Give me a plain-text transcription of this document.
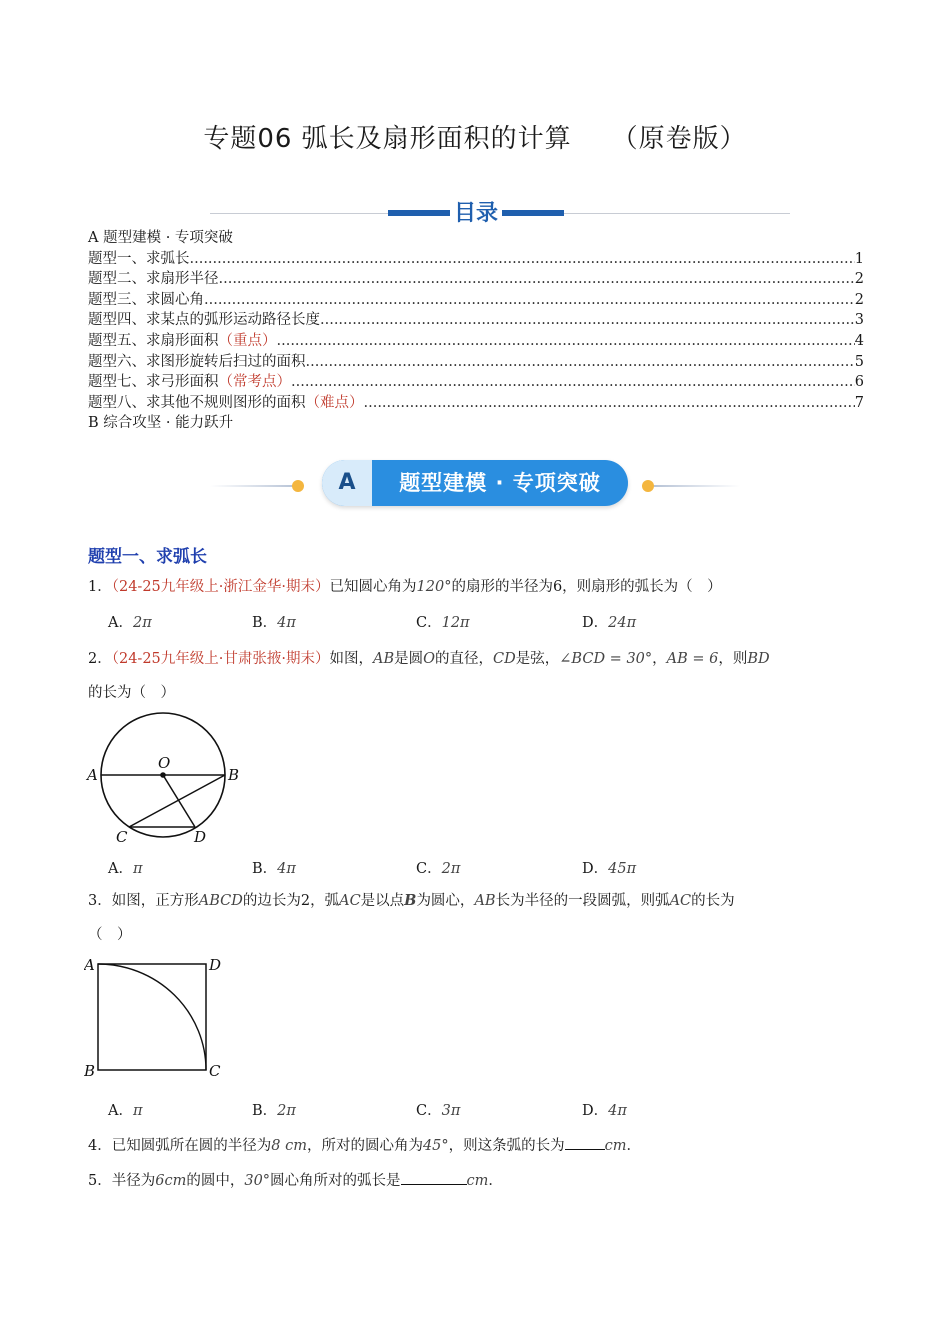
专题06 弧长及扇形面积的计算 （原卷版）
目录
A 题型建模 · 专项突破
题型一、求弧长 .....	1
题型二、求扇形半径 .....	2
题型三、求圆心角 .....	2
题型四、求某点的弧形运动路径长度 .....	3
题型五、求扇形面积（重点） .....	4
题型六、求图形旋转后扫过的面积 .....	5
题型七、求弓形面积（常考点） .....	6
题型八、求其他不规则图形的面积（难点） .....	7
B 综合攻坚 · 能力跃升
A	题型建模 · 专项突破
题型一、求弧长
1．（24-25九年级上·浙江金华·期末）已知圆心角为120°的扇形的半径为6，则扇形的弧长为（　）
A．2π	B．4π	C．12π	D．24π
2．（24-25九年级上·甘肃张掖·期末）如图，AB是圆O的直径，CD是弦，∠BCD = 30°，AB = 6，则BD
的长为（　）
A	B
C	D
O
A．π	B．4π	C．2π	D．45π
3．如图，正方形ABCD的边长为2，弧AC是以点B为圆心，AB长为半径的一段圆弧，则弧AC的长为
（　）
A	D
B	C
A．π	B．2π	C．3π	D．4π
4．已知圆弧所在圆的半径为8 cm，所对的圆心角为45°，则这条弧的长为	cm．
5．半径为6cm的圆中，30°圆心角所对的弧长是	cm．
